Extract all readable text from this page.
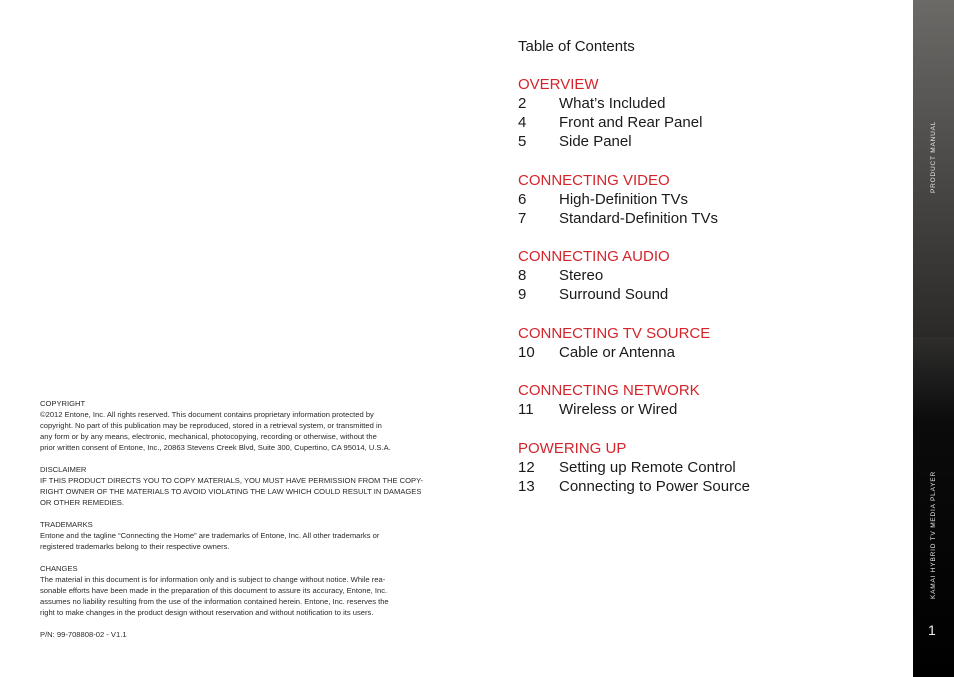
COPYRIGHT
©2012 Entone, Inc. All rights reserved. This document contains proprietary information protected by
copyright. No part of this publication may be reproduced, stored in a retrieval system, or transmitted in
any form or by any means, electronic, mechanical, photocopying, recording or otherwise, without the
prior written consent of Entone, Inc., 20863 Stevens Creek Blvd, Suite 300, Cupertino, CA 95014, U.S.A.
DISCLAIMER
IF THIS PRODUCT DIRECTS YOU TO COPY MATERIALS, YOU MUST HAVE PERMISSION FROM THE COPY-
RIGHT OWNER OF THE MATERIALS TO AVOID VIOLATING THE LAW WHICH COULD RESULT IN DAMAGES
OR OTHER REMEDIES.
TRADEMARKS
Entone and the tagline “Connecting the Home” are trademarks of Entone, Inc. All other trademarks or
registered trademarks belong to their respective owners.
CHANGES
The material in this document is for information only and is subject to change without notice. While rea-
sonable efforts have been made in the preparation of this document to assure its accuracy, Entone, Inc.
assumes no liability resulting from the use of the information contained herein. Entone, Inc. reserves the
right to make changes in the product design without reservation and without notification to its users.
P/N: 99-708808-02 - V1.1
Table of Contents
OVERVIEW
2	What’s Included
4	Front and Rear Panel
5	Side Panel
CONNECTING VIDEO
6	High-Definition TVs
7	Standard-Definition TVs
CONNECTING AUDIO
8	Stereo
9	Surround Sound
CONNECTING TV SOURCE
10	Cable or Antenna
CONNECTING NETWORK
11	Wireless or Wired
POWERING UP
12	Setting up Remote Control
13	Connecting to Power Source
PRODUCT MANUAL
KAMAI HYBRID TV MEDIA PLAYER
1
